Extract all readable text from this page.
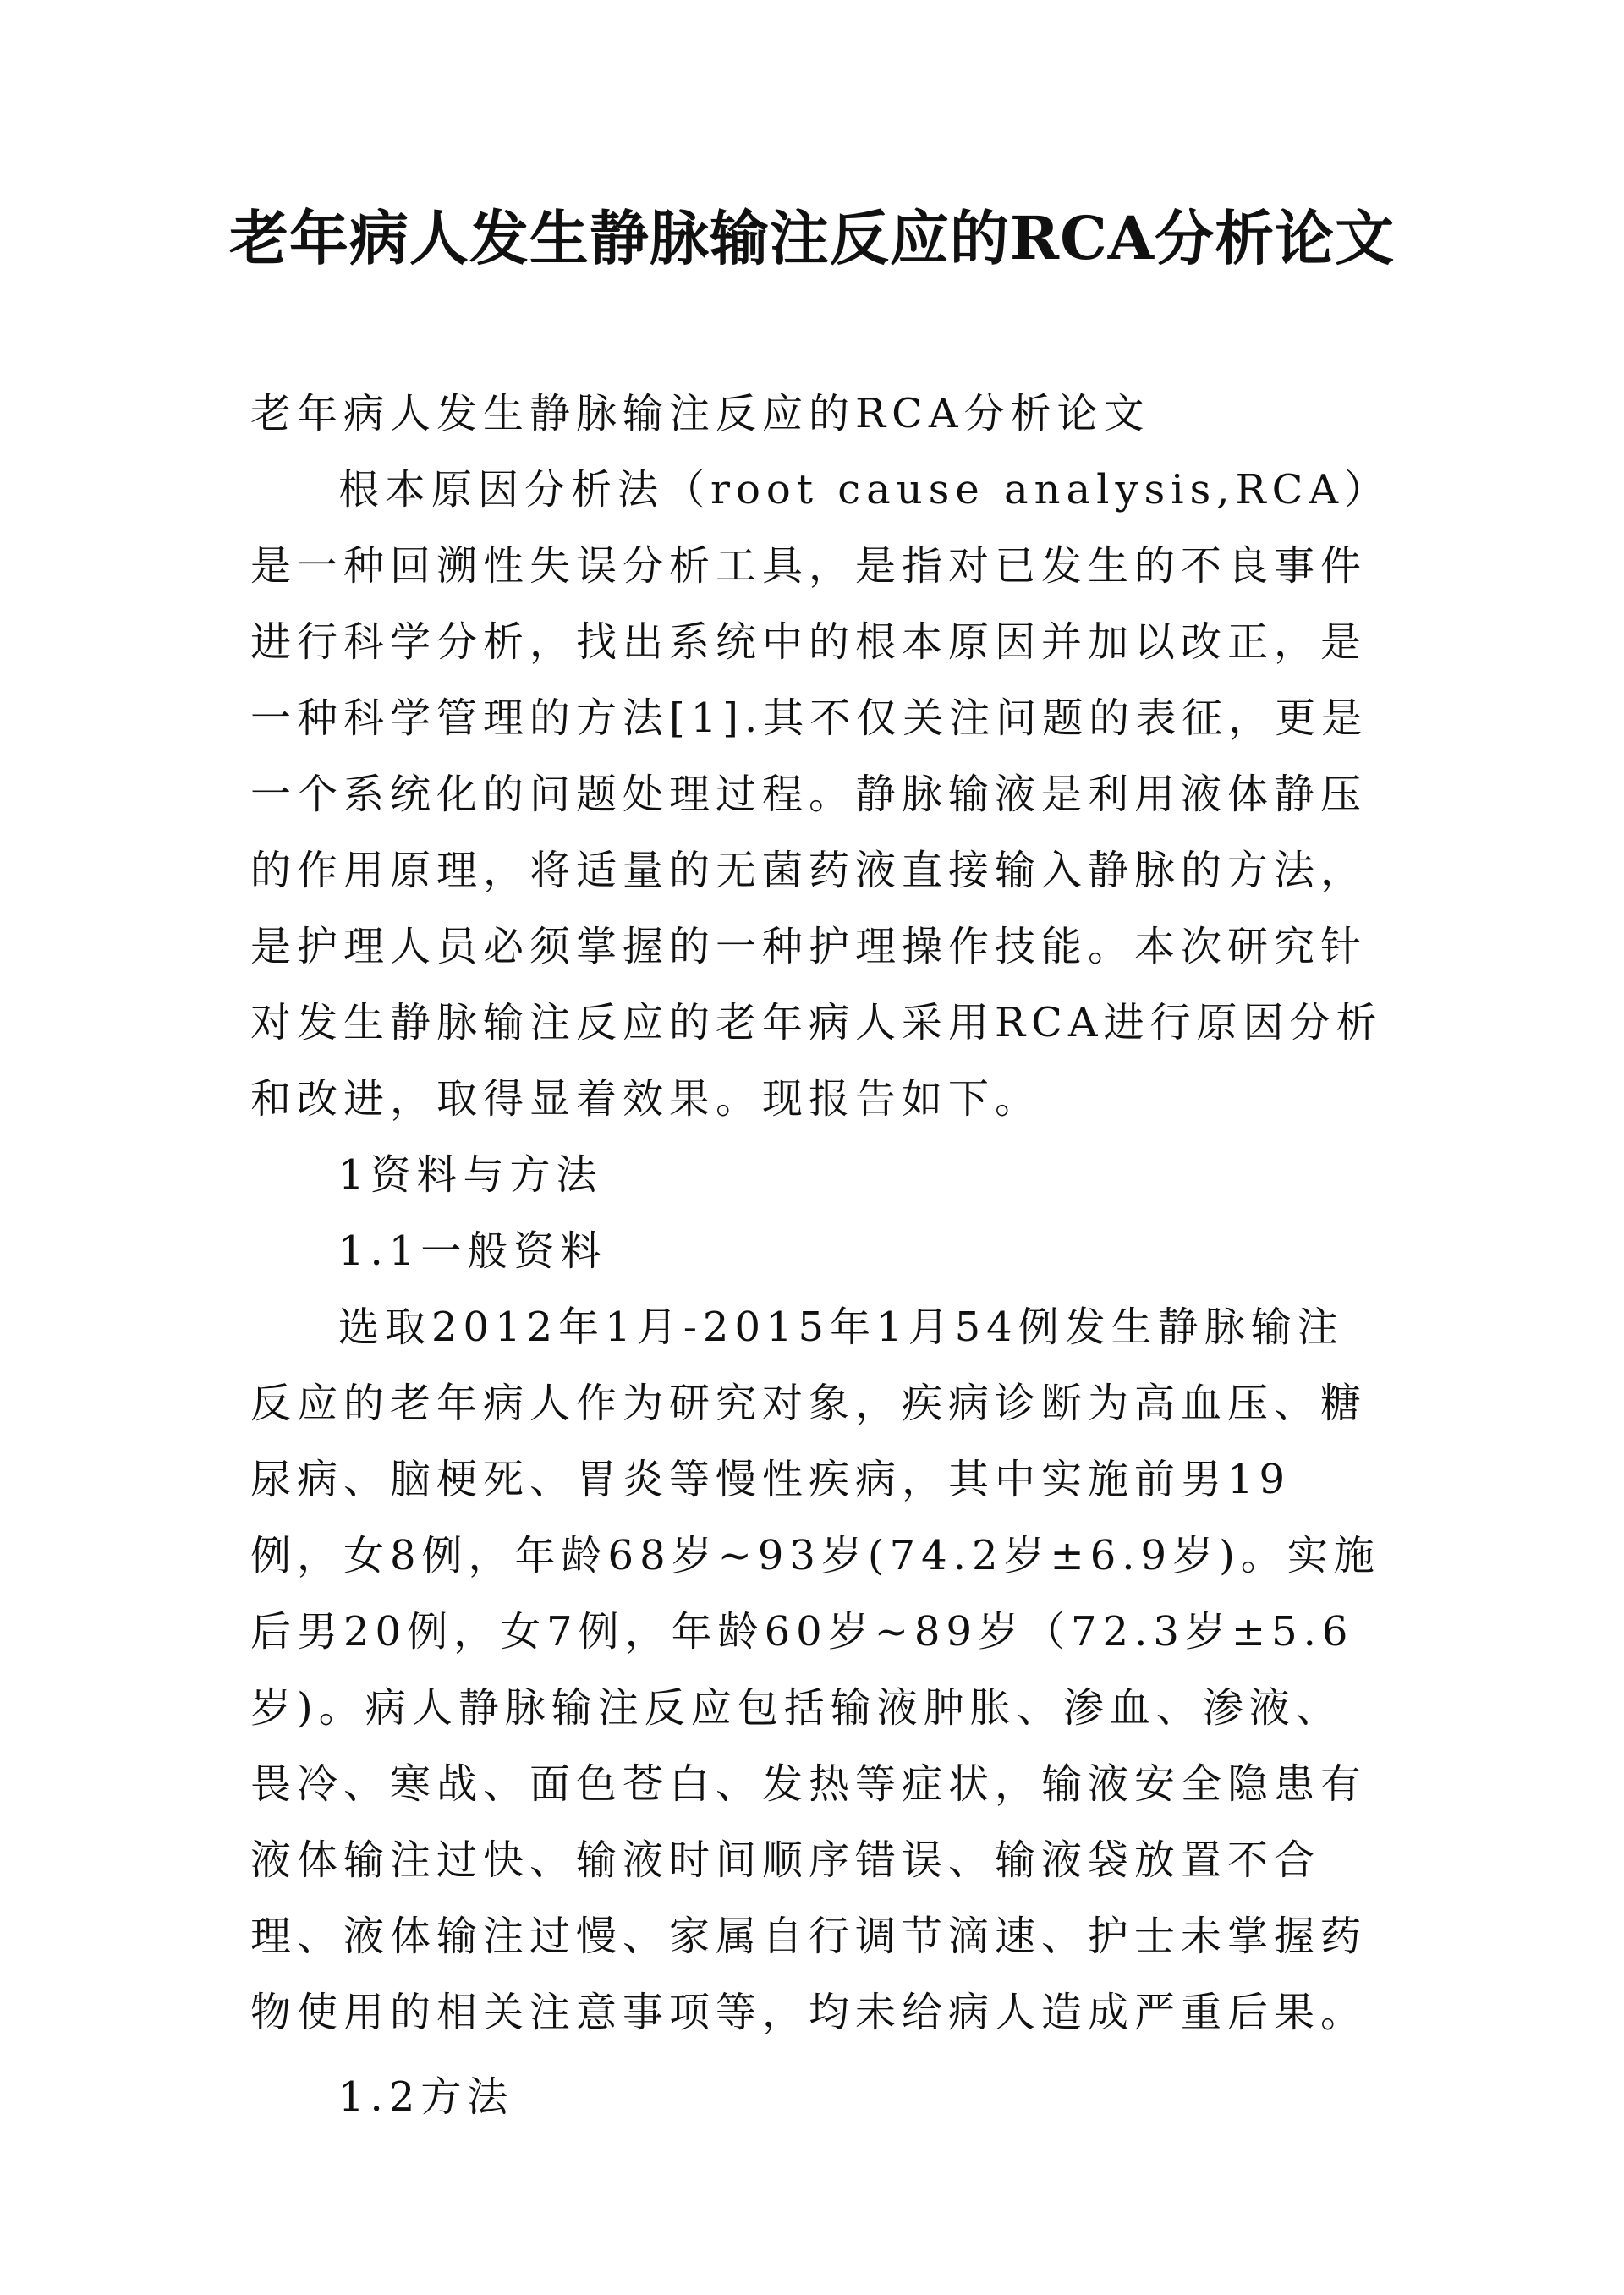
老年病人发生静脉输注反应的RCA分析论文

老年病人发生静脉输注反应的RCA分析论文

根本原因分析法（root cause analysis,RCA）是一种回溯性失误分析工具，是指对已发生的不良事件进行科学分析，找出系统中的根本原因并加以改正，是一种科学管理的方法[1].其不仅关注问题的表征，更是一个系统化的问题处理过程。静脉输液是利用液体静压的作用原理，将适量的无菌药液直接输入静脉的方法，是护理人员必须掌握的一种护理操作技能。本次研究针对发生静脉输注反应的老年病人采用RCA进行原因分析和改进，取得显着效果。现报告如下。

1资料与方法

1.1一般资料

选取2012年1月-2015年1月54例发生静脉输注反应的老年病人作为研究对象，疾病诊断为高血压、糖尿病、脑梗死、胃炎等慢性疾病，其中实施前男19例，女8例，年龄68岁~93岁(74.2岁±6.9岁)。实施后男20例，女7例，年龄60岁~89岁（72.3岁±5.6岁)。病人静脉输注反应包括输液肿胀、渗血、渗液、畏冷、寒战、面色苍白、发热等症状，输液安全隐患有液体输注过快、输液时间顺序错误、输液袋放置不合理、液体输注过慢、家属自行调节滴速、护士未掌握药物使用的相关注意事项等，均未给病人造成严重后果。

1.2方法
